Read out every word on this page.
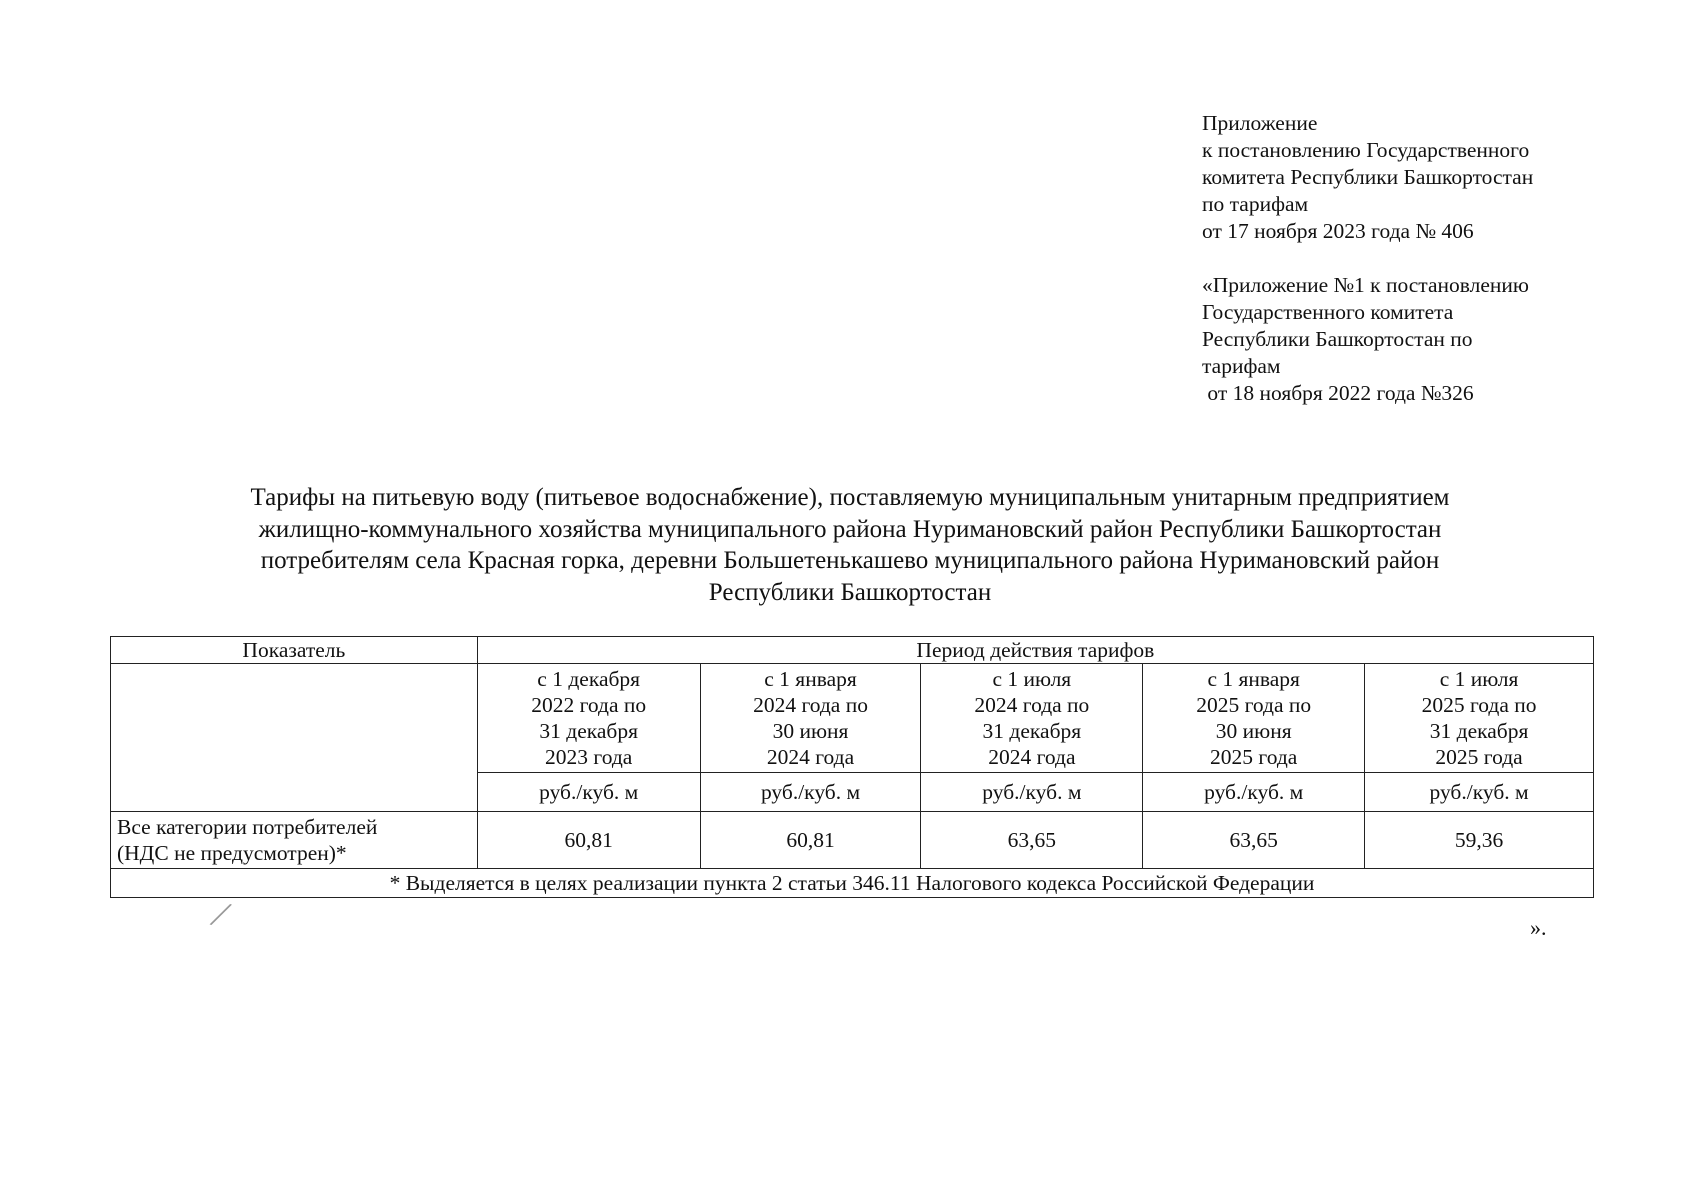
Приложение

к постановлению Государственного

комитета Республики Башкортостан

по тарифам

от 17 ноября 2023 года № 406

«Приложение №1 к постановлению

Государственного комитета

Республики Башкортостан по

тарифам

от 18 ноября 2022 года №326

Тарифы на питьевую воду (питьевое водоснабжение), поставляемую муниципальным унитарным предприятием

жилищно-коммунального хозяйства муниципального района Нуримановский район Республики Башкортостан

потребителям села Красная горка, деревни Большетенькашево муниципального района Нуримановский район

Республики Башкортостан

Показатель	Период действия тарифов				
	с 1 декабря
2022 года по
31 декабря
2023 года	с 1 января
2024 года по
30 июня
2024 года	с 1 июля
2024 года по
31 декабря
2024 года	с 1 января
2025 года по
30 июня
2025 года	с 1 июля
2025 года по
31 декабря
2025 года
	руб./куб. м	руб./куб. м	руб./куб. м	руб./куб. м	руб./куб. м
Все категории потребителей
(НДС не предусмотрен)*	60,81	60,81	63,65	63,65	59,36
* Выделяется в целях реализации пункта 2 статьи 346.11 Налогового кодекса Российской Федерации					
».
╱
